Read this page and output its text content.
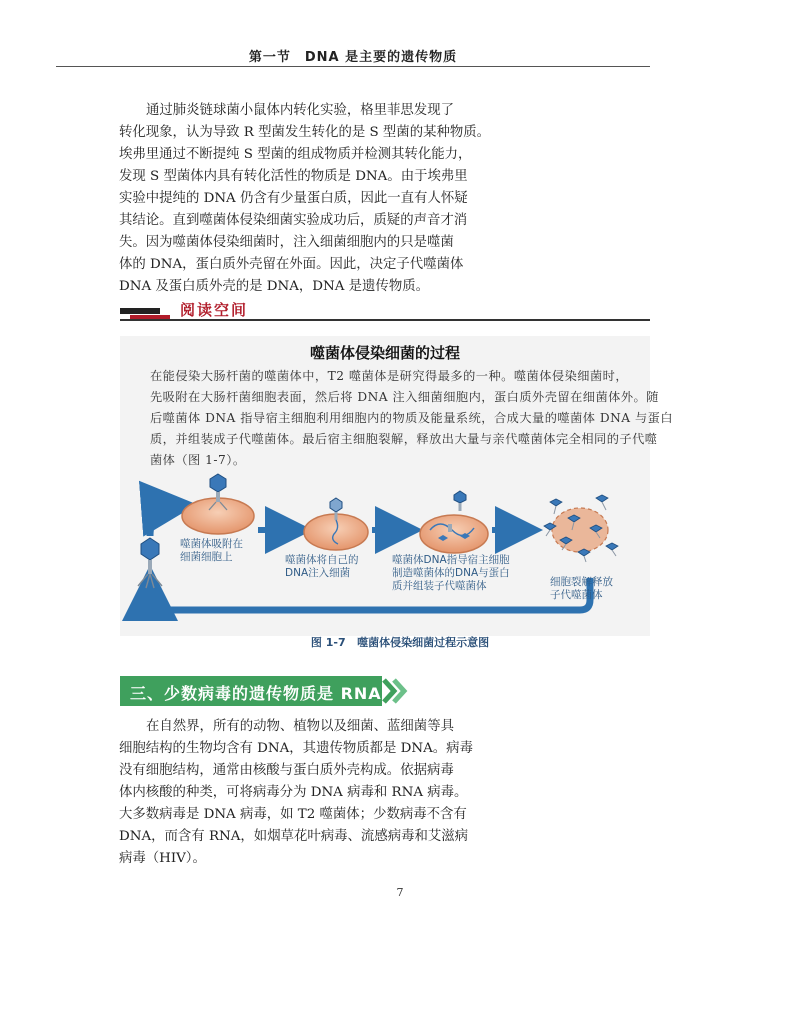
第一节　DNA 是主要的遗传物质
通过肺炎链球菌小鼠体内转化实验，格里菲思发现了
转化现象，认为导致 R 型菌发生转化的是 S 型菌的某种物质。
埃弗里通过不断提纯 S 型菌的组成物质并检测其转化能力，
发现 S 型菌体内具有转化活性的物质是 DNA。由于埃弗里
实验中提纯的 DNA 仍含有少量蛋白质，因此一直有人怀疑
其结论。直到噬菌体侵染细菌实验成功后，质疑的声音才消
失。因为噬菌体侵染细菌时，注入细菌细胞内的只是噬菌
体的 DNA，蛋白质外壳留在外面。因此，决定子代噬菌体
DNA 及蛋白质外壳的是 DNA，DNA 是遗传物质。
阅读空间
噬菌体侵染细菌的过程
在能侵染大肠杆菌的噬菌体中，T2 噬菌体是研究得最多的一种。噬菌体侵染细菌时，
先吸附在大肠杆菌细胞表面，然后将 DNA 注入细菌细胞内，蛋白质外壳留在细菌体外。随
后噬菌体 DNA 指导宿主细胞利用细胞内的物质及能量系统，合成大量的噬菌体 DNA 与蛋白
质，并组装成子代噬菌体。最后宿主细胞裂解，释放出大量与亲代噬菌体完全相同的子代噬
菌体（图 1-7）。
噬菌体吸附在
细菌细胞上	噬菌体将自己的
DNA注入细菌
噬菌体DNA指导宿主细胞
制造噬菌体的DNA与蛋白
质并组装子代噬菌体	细胞裂解释放
子代噬菌体
图 1-7 噬菌体侵染细菌过程示意图
三、少数病毒的遗传物质是 RNA
在自然界，所有的动物、植物以及细菌、蓝细菌等具
细胞结构的生物均含有 DNA，其遗传物质都是 DNA。病毒
没有细胞结构，通常由核酸与蛋白质外壳构成。依据病毒
体内核酸的种类，可将病毒分为 DNA 病毒和 RNA 病毒。
大多数病毒是 DNA 病毒，如 T2 噬菌体；少数病毒不含有
DNA，而含有 RNA，如烟草花叶病毒、流感病毒和艾滋病
病毒（HIV）。
7
